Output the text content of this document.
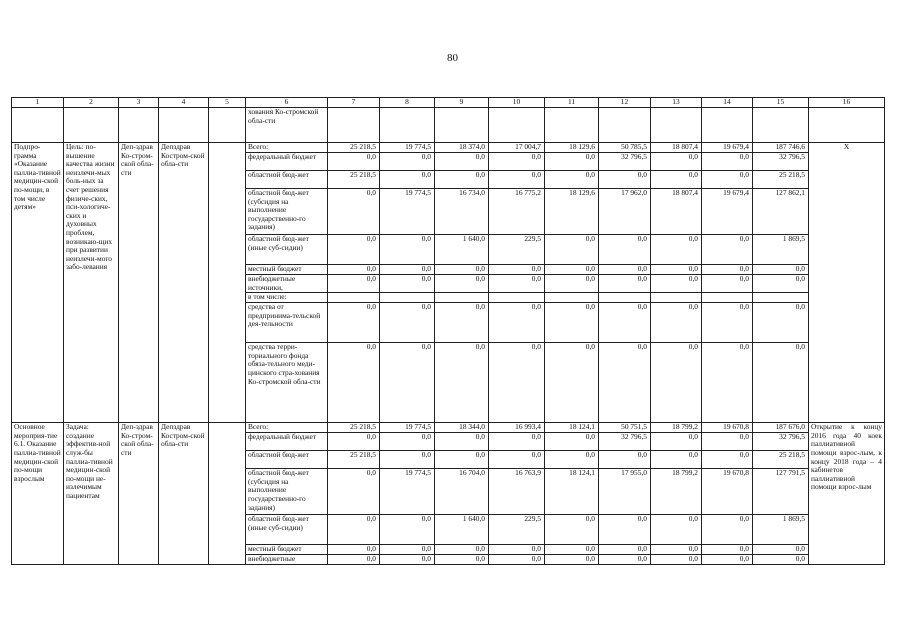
80
1	2	3	4	5	6	7	8	9	10	11	12	13	14	15	16
					хования Ко-стромской обла-сти										
Подпро-грамма «Оказание паллиа-тивной медицин-ской по-мощи, в том числе детям»	Цель: по-вышение качества жизни неизлечи-мых боль-ных за счет решения физиче-ских, пси-хологиче-ских и духовных проблем, возникаю-щих при развитии неизлечи-мого забо-левания	Деп-здрав Ко-стром-ской обла-сти	Депздрав Костром-ской обла-сти		Всего:	25 218,5	19 774,5	18 374,0	17 004,7	18 129,6	50 785,5	18 807,4	19 679,4	187 746,6	X
					федеральный бюджет	0,0	0,0	0,0	0,0	0,0	32 796,5	0,0	0,0	32 796,5	
					областной бюд-жет	25 218,5	0,0	0,0	0,0	0,0	0,0	0,0	0,0	25 218,5	
					областной бюд-жет (субсидия на выполнение государственно-го задания)	0,0	19 774,5	16 734,0	16 775,2	18 129,6	17 962,0	18 807,4	19 679,4	127 862,1	
					областной бюд-жет (иные суб-сидии)	0,0	0,0	1 640,0	229,5	0,0	0,0	0,0	0,0	1 869,5	
					местный бюджет	0,0	0,0	0,0	0,0	0,0	0,0	0,0	0,0	0,0	
					внебюджетные источники,	0,0	0,0	0,0	0,0	0,0	0,0	0,0	0,0	0,0	
					в том числе:										
					средства от предпринима-тельской дея-тельности	0,0	0,0	0,0	0,0	0,0	0,0	0,0	0,0	0,0	
					средства терри-ториального фонда обяза-тельного меди-цинского стра-хования Ко-стромской обла-сти	0,0	0,0	0,0	0,0	0,0	0,0	0,0	0,0	0,0	
Основное мероприя-тие 6.1. Оказание паллиа-тивной медицин-ской по-мощи взрослым	Задача: создание эффектив-ной служ-бы паллиа-тивной медицин-ской по-мощи не-излечимым пациентам	Деп-здрав Ко-стром-ской обла-сти	Депздрав Костром-ской обла-сти		Всего:	25 218,5	19 774,5	18 344,0	16 993,4	18 124,1	50 751,5	18 799,2	19 670,8	187 676,0	Открытие к концу 2016 года 40 коек паллиативной помощи взрос-лым, к концу 2018 года – 4 кабинетов паллиативной помощи взрос-лым
					федеральный бюджет	0,0	0,0	0,0	0,0	0,0	32 796,5	0,0	0,0	32 796,5	
					областной бюд-жет	25 218,5	0,0	0,0	0,0	0,0	0,0	0,0	0,0	25 218,5	
					областной бюд-жет (субсидия на выполнение государственно-го задания)	0,0	19 774,5	16 704,0	16 763,9	18 124,1	17 955,0	18 799,2	19 670,8	127 791,5	
					областной бюд-жет (иные суб-сидии)	0,0	0,0	1 640,0	229,5	0,0	0,0	0,0	0,0	1 869,5	
					местный бюджет	0,0	0,0	0,0	0,0	0,0	0,0	0,0	0,0	0,0	
					внебюджетные	0,0	0,0	0,0	0,0	0,0	0,0	0,0	0,0	0,0	
